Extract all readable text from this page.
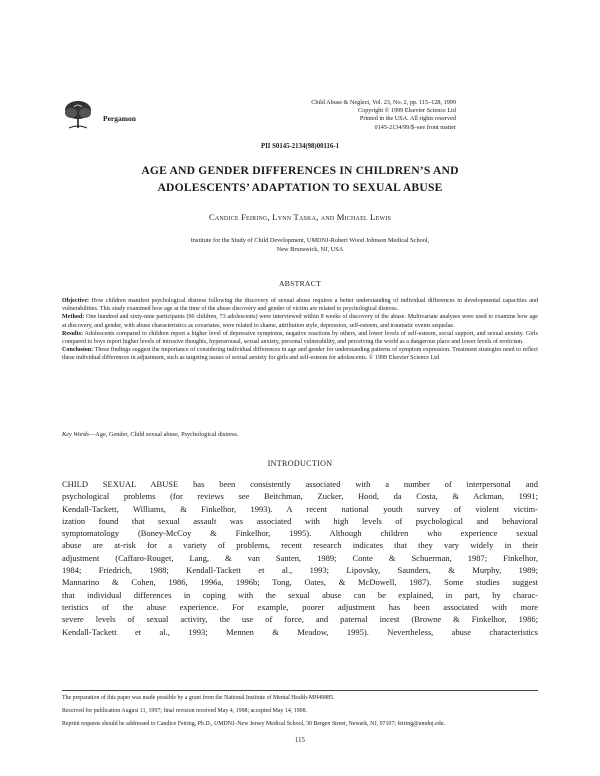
Pergamon
Child Abuse & Neglect, Vol. 23, No. 2, pp. 115–128, 1999
Copyright © 1999 Elsevier Science Ltd
Printed in the USA. All rights reserved
0145-2134/99/$–see front matter
PII S0145-2134(98)00116-1
AGE AND GENDER DIFFERENCES IN CHILDREN’S AND
ADOLESCENTS’ ADAPTATION TO SEXUAL ABUSE
Candice Feiring, Lynn Taska, and Michael Lewis
Institute for the Study of Child Development, UMDNJ-Robert Wood Johnson Medical School,
New Brunswick, NJ, USA
ABSTRACT

Objective: How children manifest psychological distress following the discovery of sexual abuse requires a better understanding of individual differences in developmental capacities and vulnerabilities. This study examined how age at the time of the abuse discovery and gender of victim are related to psychological distress.

Method: One hundred and sixty-nine participants (96 children, 73 adolescents) were interviewed within 8 weeks of discovery of the abuse. Multivariate analyses were used to examine how age at discovery, and gender, with abuse characteristics as covariates, were related to shame, attribution style, depression, self-esteem, and traumatic events sequelae.

Results: Adolescents compared to children report a higher level of depressive symptoms, negative reactions by others, and lower levels of self-esteem, social support, and sexual anxiety. Girls compared to boys report higher levels of intrusive thoughts, hyperarousal, sexual anxiety, personal vulnerability, and perceiving the world as a dangerous place and lower levels of eroticism.

Conclusion: These findings suggest the importance of considering individual differences in age and gender for understanding patterns of symptom expression. Treatment strategies need to reflect these individual differences in adjustment, such as targeting issues of sexual anxiety for girls and self-esteem for adolescents. © 1999 Elsevier Science Ltd

Key Words—Age, Gender, Child sexual abuse, Psychological distress.
INTRODUCTION
CHILD SEXUAL ABUSE has been consistently associated with a number of interpersonal and
psychological problems (for reviews see Beitchman, Zucker, Hood, da Costa, & Ackman, 1991;
Kendall-Tackett, Williams, & Finkelhor, 1993). A recent national youth survey of violent victim-
ization found that sexual assault was associated with high levels of psychological and behavioral
symptomatology (Boney-McCoy & Finkelhor, 1995). Although children who experience sexual
abuse are at-risk for a variety of problems, recent research indicates that they vary widely in their
adjustment (Caffaro-Rouget, Lang, & van Santen, 1989; Conte & Schuerman, 1987; Finkelhor,
1984; Friedrich, 1988; Kendall-Tackett et al., 1993; Lipovsky, Saunders, & Murphy, 1989;
Mannarino & Cohen, 1986, 1996a, 1996b; Tong, Oates, & McDowell, 1987). Some studies suggest
that individual differences in coping with the sexual abuse can be explained, in part, by charac-
teristics of the abuse experience. For example, poorer adjustment has been associated with more
severe levels of sexual activity, the use of force, and paternal incest (Browne & Finkelhor, 1986;
Kendall-Tackett et al., 1993; Mennen & Meadow, 1995). Nevertheless, abuse characteristics

The preparation of this paper was made possible by a grant from the National Institute of Mental Health-MH49885.

Received for publication August 11, 1997; final revision received May 4, 1998; accepted May 14, 1998.

Reprint requests should be addressed to Candice Feiring, Ph.D., UMDNJ–New Jersey Medical School, 30 Bergen Street, Newark, NJ, 07107; feiring@umdnj.edu.

115
